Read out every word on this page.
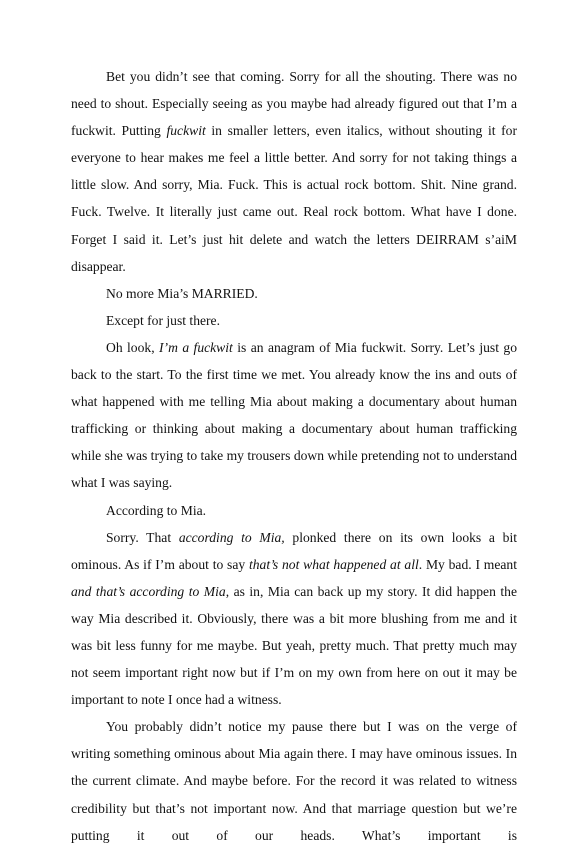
Bet you didn’t see that coming. Sorry for all the shouting. There was no need to shout. Especially seeing as you maybe had already figured out that I’m a fuckwit. Putting fuckwit in smaller letters, even italics, without shouting it for everyone to hear makes me feel a little better. And sorry for not taking things a little slow. And sorry, Mia. Fuck. This is actual rock bottom. Shit. Nine grand. Fuck. Twelve. It literally just came out. Real rock bottom. What have I done. Forget I said it. Let’s just hit delete and watch the letters DEIRRAM s’aiM disappear.

No more Mia’s MARRIED.

Except for just there.

Oh look, I’m a fuckwit is an anagram of Mia fuckwit. Sorry. Let’s just go back to the start. To the first time we met. You already know the ins and outs of what happened with me telling Mia about making a documentary about human trafficking or thinking about making a documentary about human trafficking while she was trying to take my trousers down while pretending not to understand what I was saying.

According to Mia.

Sorry. That according to Mia, plonked there on its own looks a bit ominous. As if I’m about to say that’s not what happened at all. My bad. I meant and that’s according to Mia, as in, Mia can back up my story. It did happen the way Mia described it. Obviously, there was a bit more blushing from me and it was bit less funny for me maybe. But yeah, pretty much. That pretty much may not seem important right now but if I’m on my own from here on out it may be important to note I once had a witness.

You probably didn’t notice my pause there but I was on the verge of writing something ominous about Mia again there. I may have ominous issues. In the current climate. And maybe before. For the record it was related to witness credibility but that’s not important now. And that marriage question but we’re putting it out of our heads. What’s important is
